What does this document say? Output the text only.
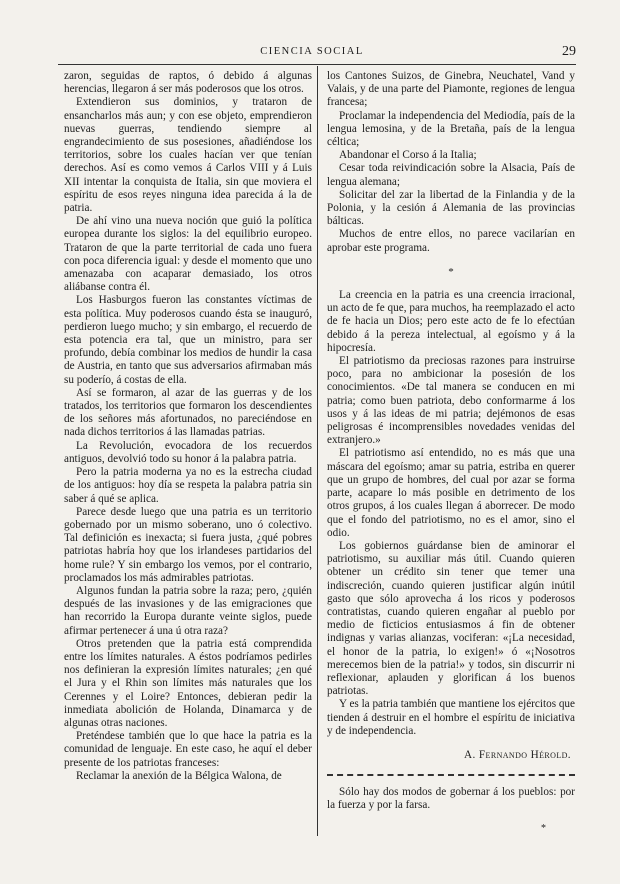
CIENCIA SOCIAL	29

zaron, seguidas de raptos, ó debido á algunas herencias, llegaron á ser más poderosos que los otros.

Extendieron sus dominios, y trataron de ensancharlos más aun; y con ese objeto, emprendieron nuevas guerras, tendiendo siempre al engrandecimiento de sus posesiones, añadiéndose los territorios, sobre los cuales hacían ver que tenían derechos. Así es como vemos á Carlos VIII y á Luis XII intentar la conquista de Italia, sin que moviera el espíritu de esos reyes ninguna idea parecida á la de patria.

De ahí vino una nueva noción que guió la política europea durante los siglos: la del equilibrio europeo. Trataron de que la parte territorial de cada uno fuera con poca diferencia igual: y desde el momento que uno amenazaba con acaparar demasiado, los otros aliábanse contra él.

Los Hasburgos fueron las constantes víctimas de esta política. Muy poderosos cuando ésta se inauguró, perdieron luego mucho; y sin embargo, el recuerdo de esta potencia era tal, que un ministro, para ser profundo, debía combinar los medios de hundir la casa de Austria, en tanto que sus adversarios afirmaban más su poderío, á costas de ella.

Así se formaron, al azar de las guerras y de los tratados, los territorios que formaron los descendientes de los señores más afortunados, no pareciéndose en nada dichos territorios á las llamadas patrias.

La Revolución, evocadora de los recuerdos antiguos, devolvió todo su honor á la palabra patria.

Pero la patria moderna ya no es la estrecha ciudad de los antiguos: hoy día se respeta la palabra patria sin saber á qué se aplica.

Parece desde luego que una patria es un territorio gobernado por un mismo soberano, uno ó colectivo. Tal definición es inexacta; si fuera justa, ¿qué pobres patriotas habría hoy que los irlandeses partidarios del home rule? Y sin embargo los vemos, por el contrario, proclamados los más admirables patriotas.

Algunos fundan la patria sobre la raza; pero, ¿quién después de las invasiones y de las emigraciones que han recorrido la Europa durante veinte siglos, puede afirmar pertenecer á una ú otra raza?

Otros pretenden que la patria está comprendida entre los límites naturales. A éstos podríamos pedirles nos definieran la expresión límites naturales; ¿en qué el Jura y el Rhin son límites más naturales que los Cerennes y el Loire? Entonces, debieran pedir la inmediata abolición de Holanda, Dinamarca y de algunas otras naciones.

Preténdese también que lo que hace la patria es la comunidad de lenguaje. En este caso, he aquí el deber presente de los patriotas franceses:

Reclamar la anexión de la Bélgica Walona, de

los Cantones Suizos, de Ginebra, Neuchatel, Vand y Valais, y de una parte del Piamonte, regiones de lengua francesa;

Proclamar la independencia del Mediodía, país de la lengua lemosina, y de la Bretaña, país de la lengua céltica;

Abandonar el Corso á la Italia;

Cesar toda reivindicación sobre la Alsacia, País de lengua alemana;

Solicitar del zar la libertad de la Finlandia y de la Polonia, y la cesión á Alemania de las provincias bálticas.

Muchos de entre ellos, no parece vacilarían en aprobar este programa.

*

La creencia en la patria es una creencia irracional, un acto de fe que, para muchos, ha reemplazado el acto de fe hacia un Dios; pero este acto de fe lo efectúan debido á la pereza intelectual, al egoísmo y á la hipocresía.

El patriotismo da preciosas razones para instruirse poco, para no ambicionar la posesión de los conocimientos. «De tal manera se conducen en mi patria; como buen patriota, debo conformarme á los usos y á las ideas de mi patria; dejémonos de esas peligrosas é incomprensibles novedades venidas del extranjero.»

El patriotismo así entendido, no es más que una máscara del egoísmo; amar su patria, estriba en querer que un grupo de hombres, del cual por azar se forma parte, acapare lo más posible en detrimento de los otros grupos, á los cuales llegan á aborrecer. De modo que el fondo del patriotismo, no es el amor, sino el odio.

Los gobiernos guárdanse bien de aminorar el patriotismo, su auxiliar más útil. Cuando quieren obtener un crédito sin tener que temer una indiscreción, cuando quieren justificar algún inútil gasto que sólo aprovecha á los ricos y poderosos contratistas, cuando quieren engañar al pueblo por medio de ficticios entusiasmos á fin de obtener indignas y varias alianzas, vociferan: «¡La necesidad, el honor de la patria, lo exigen!» ó «¡Nosotros merecemos bien de la patria!» y todos, sin discurrir ni reflexionar, aplauden y glorifican á los buenos patriotas.

Y es la patria también que mantiene los ejércitos que tienden á destruir en el hombre el espíritu de iniciativa y de independencia.

A. Fernando Hérold.

Sólo hay dos modos de gobernar á los pueblos: por la fuerza y por la farsa.

*
